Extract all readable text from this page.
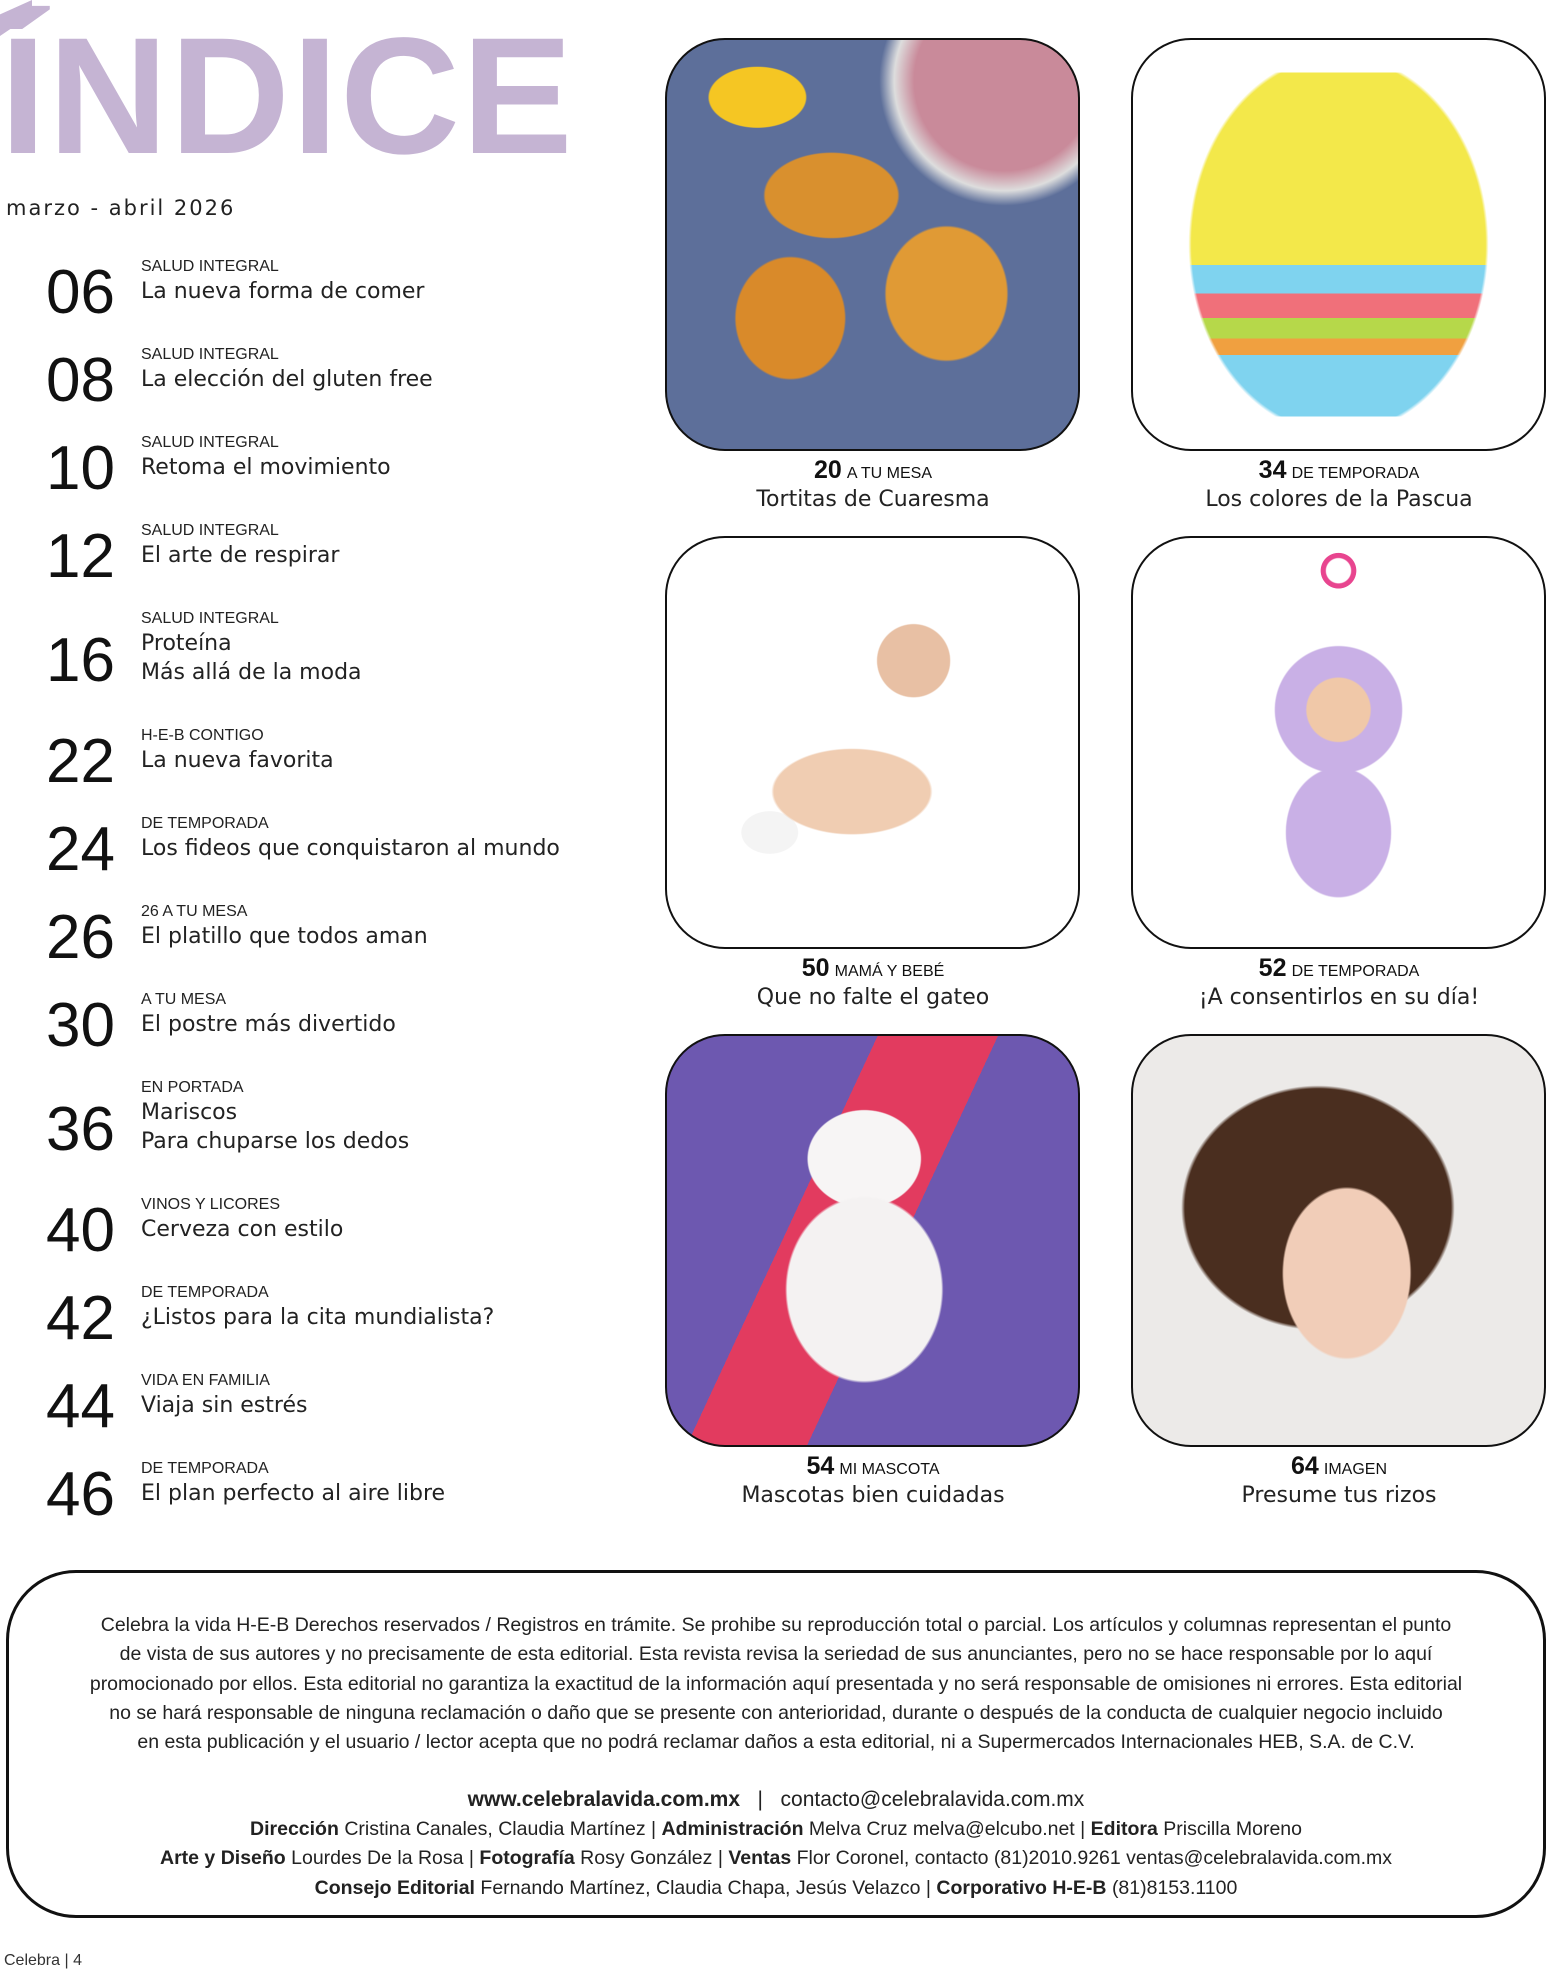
ÍNDICE
marzo - abril 2026
SALUD INTEGRAL
La nueva forma de comer
06
SALUD INTEGRAL
La elección del gluten free
08
SALUD INTEGRAL
Retoma el movimiento
10
SALUD INTEGRAL
El arte de respirar
12
SALUD INTEGRAL
Proteína
Más allá de la moda
16
H-E-B CONTIGO
La nueva favorita
22
DE TEMPORADA
Los fideos que conquistaron al mundo
24
26 A TU MESA
El platillo que todos aman
26
A TU MESA
El postre más divertido
30
EN PORTADA
Mariscos
Para chuparse los dedos
36
VINOS Y LICORES
Cerveza con estilo
40
DE TEMPORADA
¿Listos para la cita mundialista?
42
VIDA EN FAMILIA
Viaja sin estrés
44
DE TEMPORADA
El plan perfecto al aire libre
46
20 A TU MESA
Tortitas de Cuaresma
34 DE TEMPORADA
Los colores de la Pascua
50 MAMÁ Y BEBÉ
Que no falte el gateo
52 DE TEMPORADA
¡A consentirlos en su día!
54 MI MASCOTA
Mascotas bien cuidadas
64 IMAGEN
Presume tus rizos

Celebra la vida H-E-B Derechos reservados / Registros en trámite. Se prohibe su reproducción total o parcial. Los artículos y columnas representan el punto
de vista de sus autores y no precisamente de esta editorial. Esta revista revisa la seriedad de sus anunciantes, pero no se hace responsable por lo aquí
promocionado por ellos. Esta editorial no garantiza la exactitud de la información aquí presentada y no será responsable de omisiones ni errores. Esta editorial
no se hará responsable de ninguna reclamación o daño que se presente con anterioridad, durante o después de la conducta de cualquier negocio incluido
en esta publicación y el usuario / lector acepta que no podrá reclamar daños a esta editorial, ni a Supermercados Internacionales HEB, S.A. de C.V.

www.celebralavida.com.mx | contacto@celebralavida.com.mx

Dirección Cristina Canales, Claudia Martínez | Administración Melva Cruz melva@elcubo.net | Editora Priscilla Moreno
Arte y Diseño Lourdes De la Rosa | Fotografía Rosy González | Ventas Flor Coronel, contacto (81)2010.9261 ventas@celebralavida.com.mx
Consejo Editorial Fernando Martínez, Claudia Chapa, Jesús Velazco | Corporativo H-E-B (81)8153.1100

Celebra | 4
